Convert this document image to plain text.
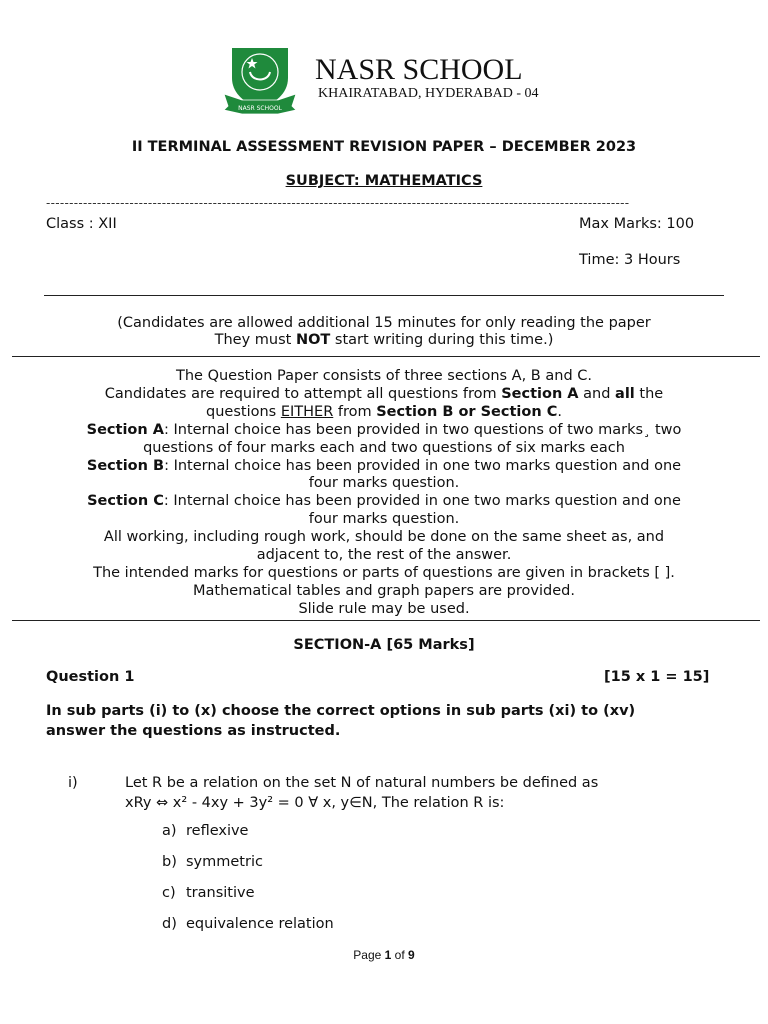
NASR SCHOOL
NASR SCHOOL
KHAIRATABAD, HYDERABAD - 04
II TERMINAL ASSESSMENT REVISION PAPER – DECEMBER 2023
SUBJECT: MATHEMATICS
------------------------------------------------------------------------------------------------------------------------------
Class : XII	Max Marks: 100
Time: 3 Hours
(Candidates are allowed additional 15 minutes for only reading the paper
They must NOT start writing during this time.)
The Question Paper consists of three sections A, B and C.
Candidates are required to attempt all questions from Section A and all the
questions EITHER from Section B or Section C.
Section A: Internal choice has been provided in two questions of two marks¸ two
questions of four marks each and two questions of six marks each
Section B: Internal choice has been provided in one two marks question and one
four marks question.
Section C: Internal choice has been provided in one two marks question and one
four marks question.
All working, including rough work, should be done on the same sheet as, and
adjacent to, the rest of the answer.
The intended marks for questions or parts of questions are given in brackets [ ].
Mathematical tables and graph papers are provided.
Slide rule may be used.
SECTION-A [65 Marks]
Question 1	[15 x 1 = 15]
In sub parts (i) to (x) choose the correct options in sub parts (xi) to (xv)
answer the questions as instructed.
i)	Let R be a relation on the set N of natural numbers be defined as
xRy ⇔ x² - 4xy + 3y² = 0 ∀ x, y∈N, The relation R is:
a) reflexive
b) symmetric
c) transitive
d) equivalence relation
Page 1 of 9
